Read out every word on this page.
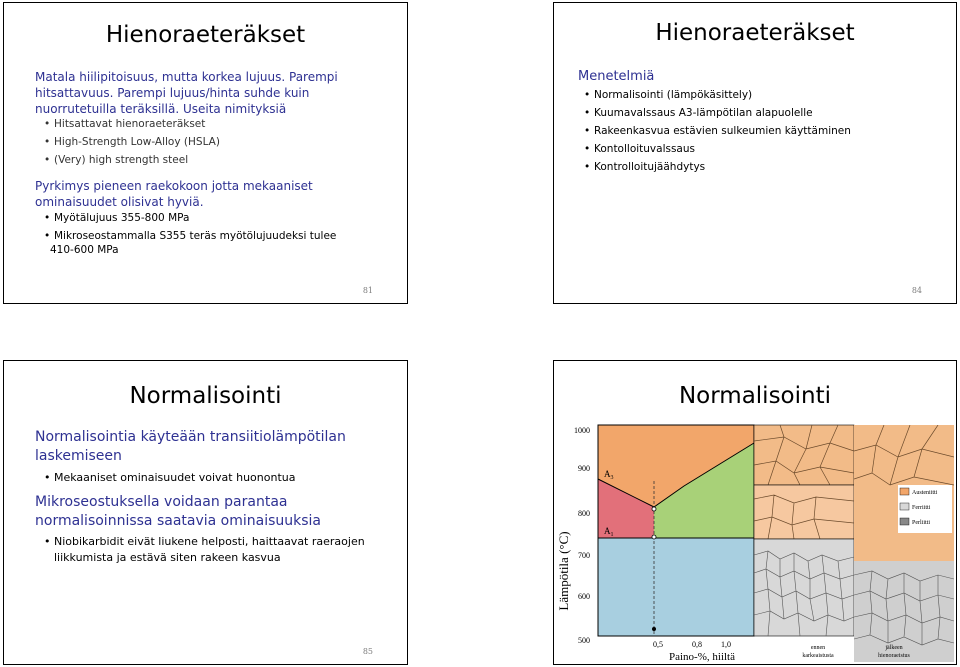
Hienoraeteräkset
Matala hiilipitoisuus, mutta korkea lujuus. Parempi
hitsattavuus. Parempi lujuus/hinta suhde kuin
nuorrutetuilla teräksillä. Useita nimityksiä
• Hitsattavat hienoraeteräkset
• High-Strength Low-Alloy (HSLA)
• (Very) high strength steel
Pyrkimys pieneen raekokoon jotta mekaaniset
ominaisuudet olisivat hyviä.
• Myötälujuus 355-800 MPa
• Mikroseostammalla S355 teräs myötölujuudeksi tulee
410-600 MPa
81
Hienoraeteräkset
Menetelmiä
• Normalisointi (lämpökäsittely)
• Kuumavalssaus A3-lämpötilan alapuolelle
• Rakeenkasvua estävien sulkeumien käyttäminen
• Kontolloituvalssaus
• Kontrolloitujäähdytys
84
Normalisointi
Normalisointia käyteään transiitiolämpötilan
laskemiseen
• Mekaaniset ominaisuudet voivat huonontua
Mikroseostuksella voidaan parantaa
normalisoinnissa saatavia ominaisuuksia
• Niobikarbidit eivät liukene helposti, haittaavat raeraojen liikkumista ja estävä siten rakeen kasvua
85
Normalisointi
Lämpötila (°C)
1000
900
800
700
600
500
$A_3$
$A_1$
Austeniitti
Ferriitti
Perliitti
0,5	0,8 1,0
Paino-%, hiiltä
ennen
karkeaistusta
jälkeen
hienoraeistus
